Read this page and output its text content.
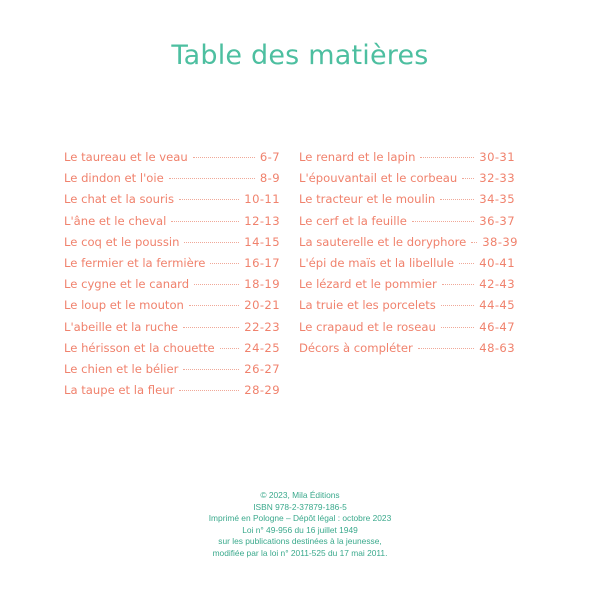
Table des matières
Le taureau et le veau	6-7
Le dindon et l'oie	8-9
Le chat et la souris	10-11
L'âne et le cheval	12-13
Le coq et le poussin	14-15
Le fermier et la fermière	16-17
Le cygne et le canard	18-19
Le loup et le mouton	20-21
L'abeille et la ruche	22-23
Le hérisson et la chouette	24-25
Le chien et le bélier	26-27
La taupe et la fleur	28-29
Le renard et le lapin	30-31
L'épouvantail et le corbeau 32-33
Le tracteur et le moulin	34-35
Le cerf et la feuille	36-37
La sauterelle et le doryphore 38-39
L'épi de maïs et la libellule 40-41
Le lézard et le pommier	42-43
La truie et les porcelets	44-45
Le crapaud et le roseau	46-47
Décors à compléter	48-63
© 2023, Mila Éditions
ISBN 978-2-37879-186-5
Imprimé en Pologne – Dépôt légal : octobre 2023
Loi n° 49-956 du 16 juillet 1949
sur les publications destinées à la jeunesse,
modifiée par la loi n° 2011-525 du 17 mai 2011.
